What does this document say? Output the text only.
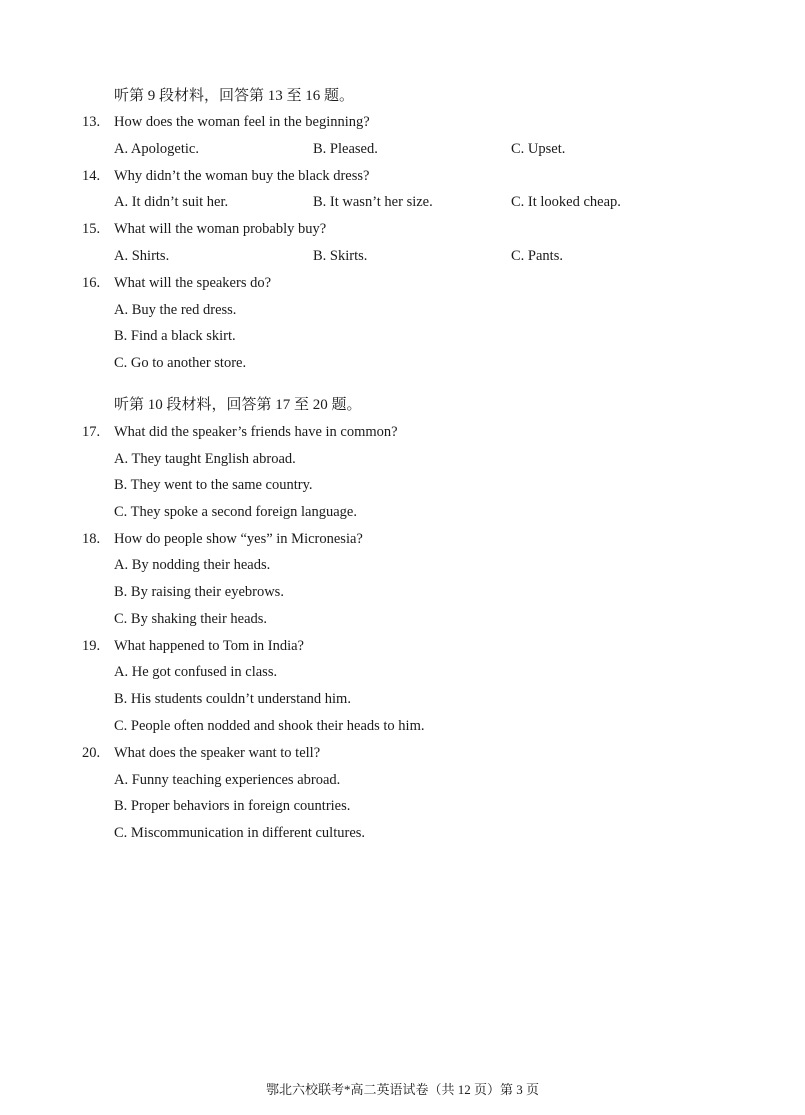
听第 9 段材料，回答第 13 至 16 题。
13. How does the woman feel in the beginning?
A. Apologetic.	B. Pleased.	C. Upset.
14. Why didn’t the woman buy the black dress?
A. It didn’t suit her.	B. It wasn’t her size.	C. It looked cheap.
15. What will the woman probably buy?
A. Shirts.	B. Skirts.	C. Pants.
16. What will the speakers do?
A. Buy the red dress.
B. Find a black skirt.
C. Go to another store.
听第 10 段材料，回答第 17 至 20 题。
17. What did the speaker’s friends have in common?
A. They taught English abroad.
B. They went to the same country.
C. They spoke a second foreign language.
18. How do people show “yes” in Micronesia?
A. By nodding their heads.
B. By raising their eyebrows.
C. By shaking their heads.
19. What happened to Tom in India?
A. He got confused in class.
B. His students couldn’t understand him.
C. People often nodded and shook their heads to him.
20. What does the speaker want to tell?
A. Funny teaching experiences abroad.
B. Proper behaviors in foreign countries.
C. Miscommunication in different cultures.
鄂北六校联考*高二英语试卷（共 12 页）第 3 页
